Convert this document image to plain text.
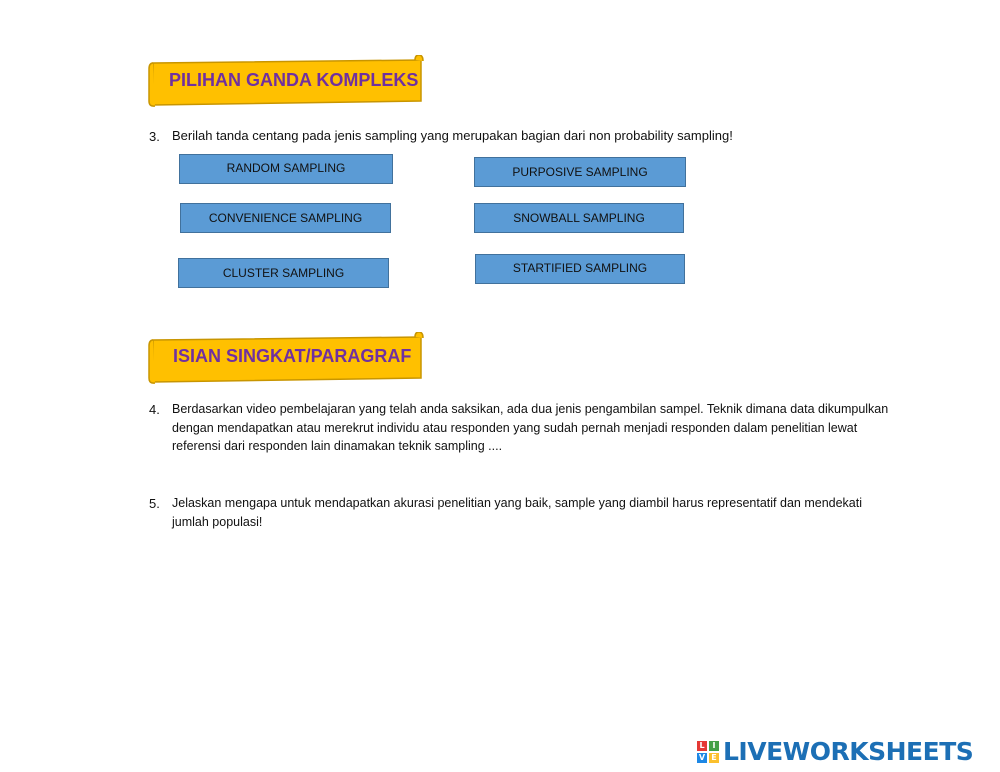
PILIHAN GANDA KOMPLEKS
3. Berilah tanda centang pada jenis sampling yang merupakan bagian dari non probability sampling!
RANDOM SAMPLING	PURPOSIVE SAMPLING
CONVENIENCE SAMPLING	SNOWBALL SAMPLING
CLUSTER SAMPLING	STARTIFIED SAMPLING
ISIAN SINGKAT/PARAGRAF
4. Berdasarkan video pembelajaran yang telah anda saksikan, ada dua jenis pengambilan sampel. Teknik dimana data dikumpulkan
dengan mendapatkan atau merekrut individu atau responden yang sudah pernah menjadi responden dalam penelitian lewat
referensi dari responden lain dinamakan teknik sampling ....
5. Jelaskan mengapa untuk mendapatkan akurasi penelitian yang baik, sample yang diambil harus representatif dan mendekati
jumlah populasi!
L I
V E LIVEWORKSHEETS
